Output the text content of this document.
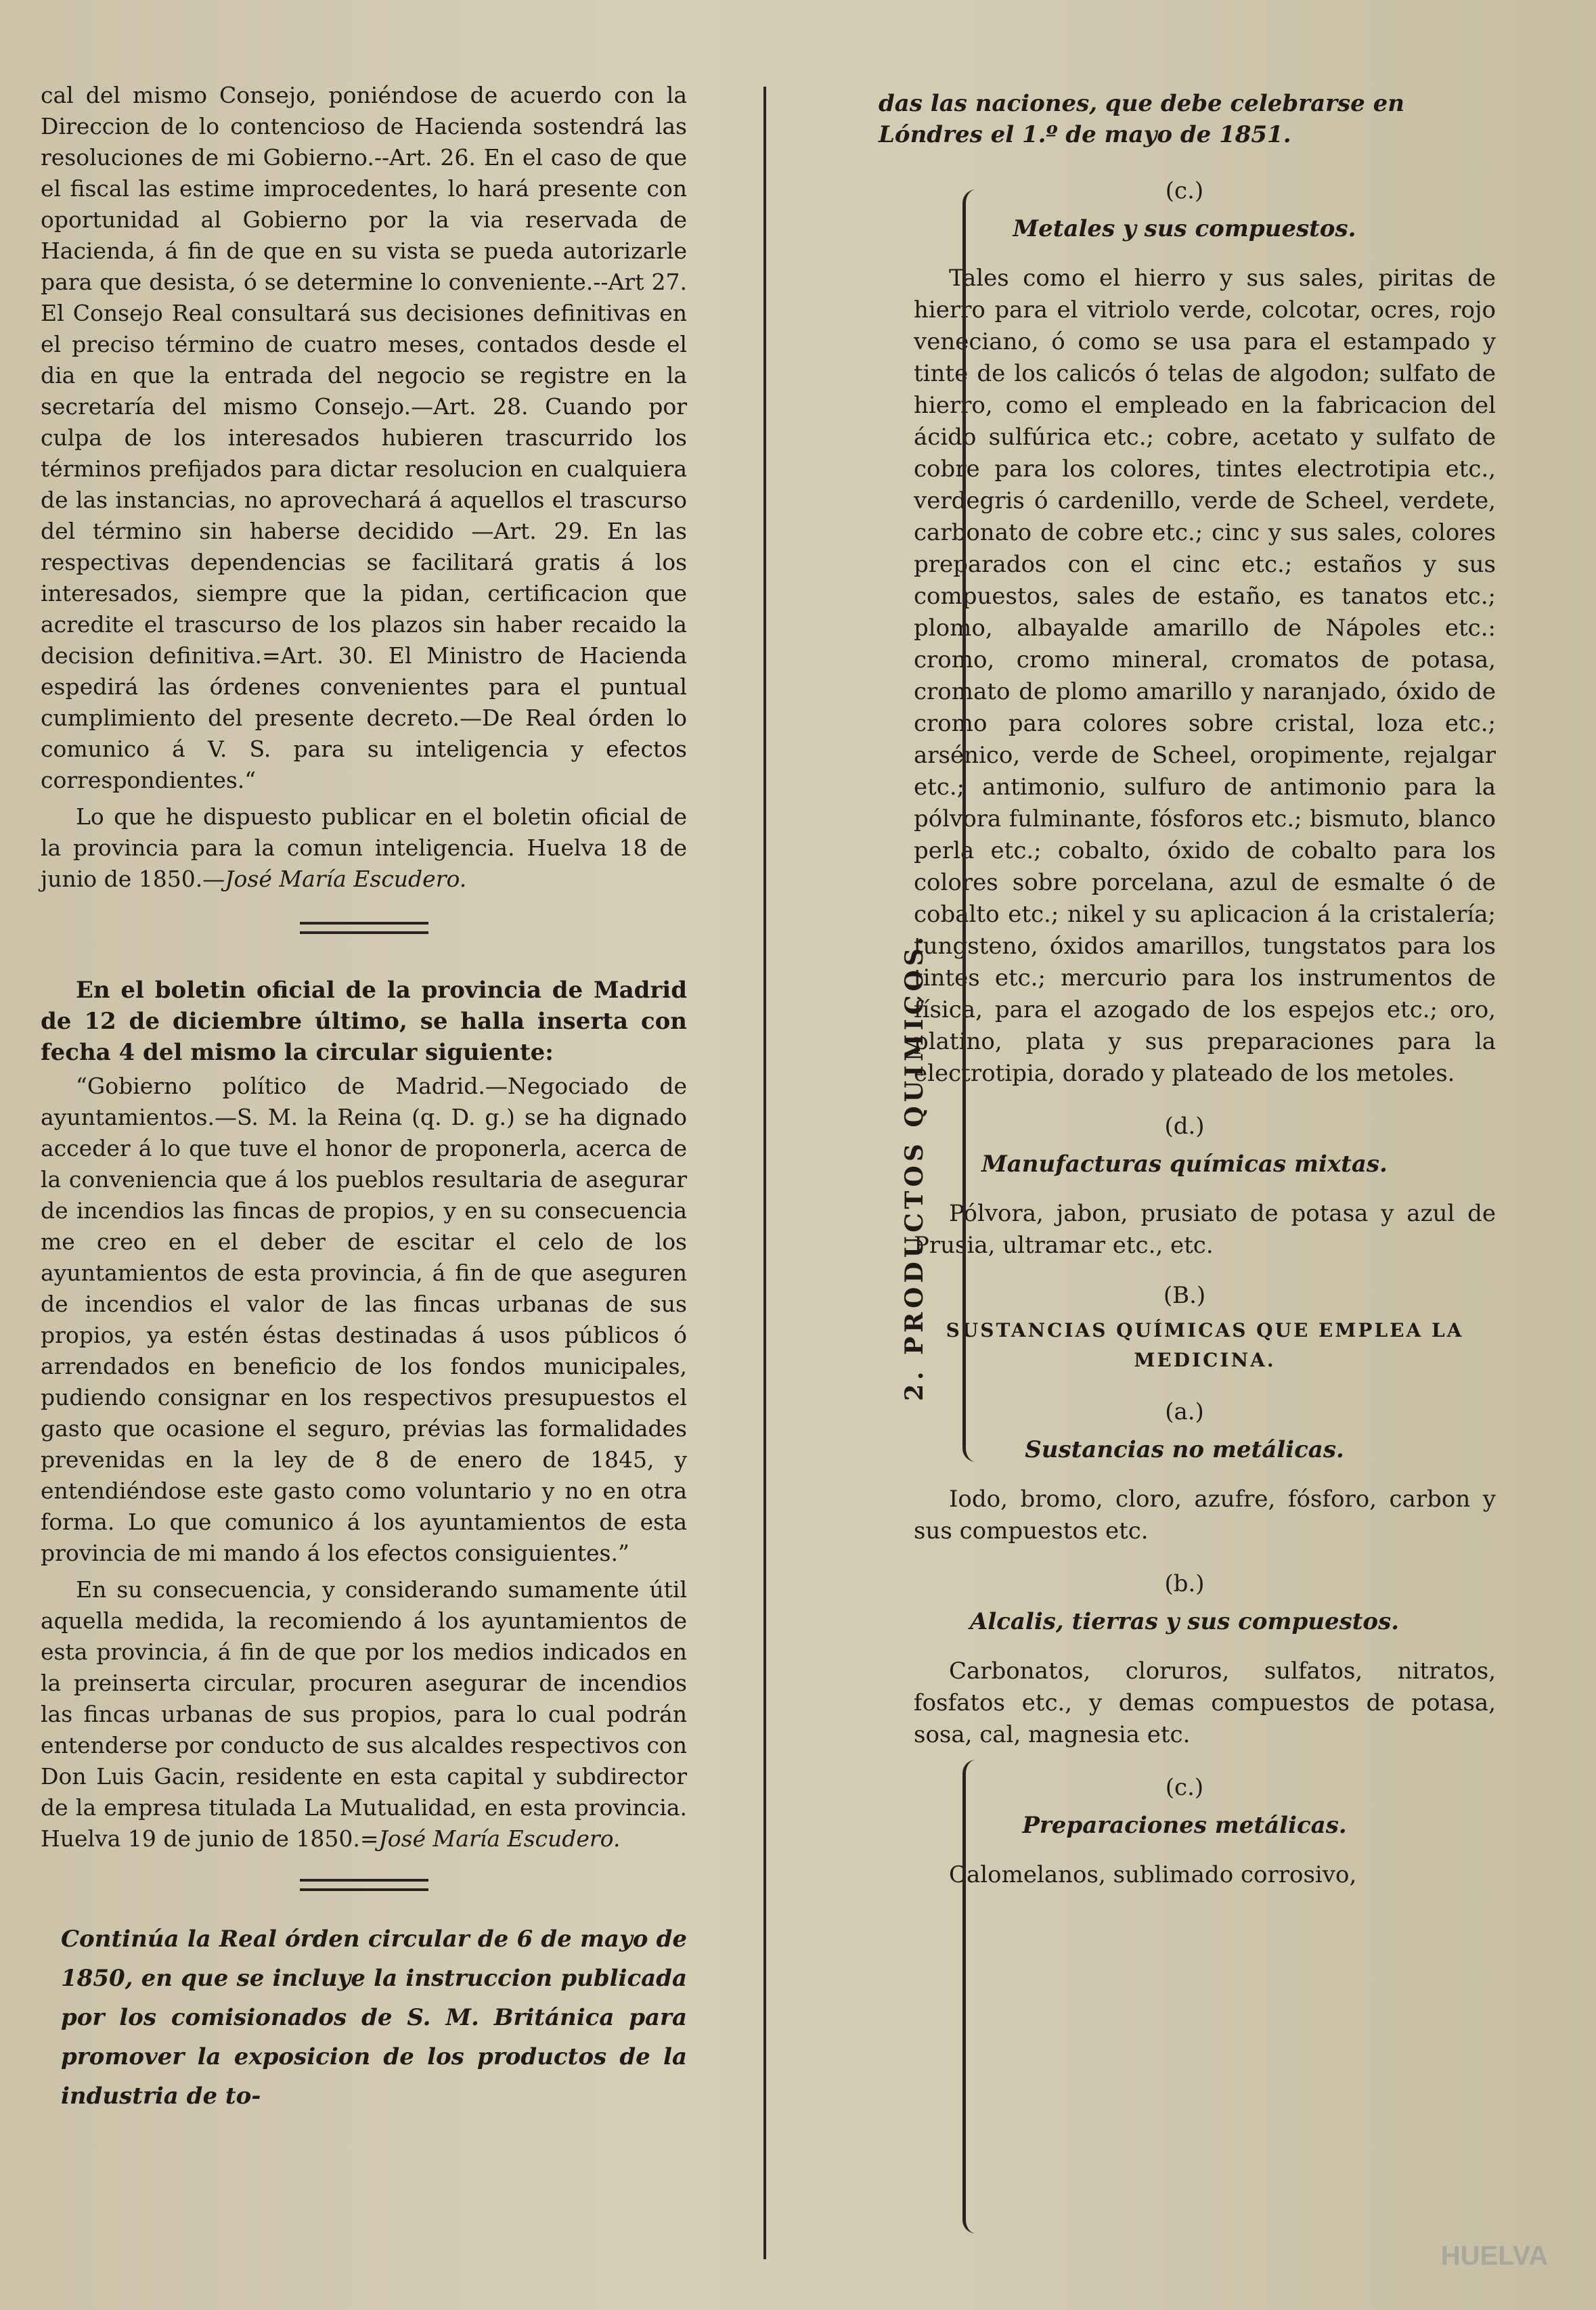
cal del mismo Consejo, poniéndose de acuerdo con la Direccion de lo contencioso de Hacienda sostendrá las resoluciones de mi Gobierno.--Art. 26. En el caso de que el fiscal las estime improcedentes, lo hará presente con oportunidad al Gobierno por la via reservada de Hacienda, á fin de que en su vista se pueda autorizarle para que desista, ó se determine lo conveniente.--Art 27. El Consejo Real consultará sus decisiones definitivas en el preciso término de cuatro meses, contados desde el dia en que la entrada del negocio se registre en la secretaría del mismo Consejo.—Art. 28. Cuando por culpa de los interesados hubieren trascurrido los términos prefijados para dictar resolucion en cualquiera de las instancias, no aprovechará á aquellos el trascurso del término sin haberse decidido —Art. 29. En las respectivas dependencias se facilitará gratis á los interesados, siempre que la pidan, certificacion que acredite el trascurso de los plazos sin haber recaido la decision definitiva.=Art. 30. El Ministro de Hacienda espedirá las órdenes convenientes para el puntual cumplimiento del presente decreto.—De Real órden lo comunico á V. S. para su inteligencia y efectos correspondientes.“

Lo que he dispuesto publicar en el boletin oficial de la provincia para la comun inteligencia. Huelva 18 de junio de 1850.—José María Escudero.

En el boletin oficial de la provincia de Madrid de 12 de diciembre último, se halla inserta con fecha 4 del mismo la circular siguiente:

“Gobierno político de Madrid.—Negociado de ayuntamientos.—S. M. la Reina (q. D. g.) se ha dignado acceder á lo que tuve el honor de proponerla, acerca de la conveniencia que á los pueblos resultaria de asegurar de incendios las fincas de propios, y en su consecuencia me creo en el deber de escitar el celo de los ayuntamientos de esta provincia, á fin de que aseguren de incendios el valor de las fincas urbanas de sus propios, ya estén éstas destinadas á usos públicos ó arrendados en beneficio de los fondos municipales, pudiendo consignar en los respectivos presupuestos el gasto que ocasione el seguro, prévias las formalidades prevenidas en la ley de 8 de enero de 1845, y entendiéndose este gasto como voluntario y no en otra forma. Lo que comunico á los ayuntamientos de esta provincia de mi mando á los efectos consiguientes.”

En su consecuencia, y considerando sumamente útil aquella medida, la recomiendo á los ayuntamientos de esta provincia, á fin de que por los medios indicados en la preinserta circular, procuren asegurar de incendios las fincas urbanas de sus propios, para lo cual podrán entenderse por conducto de sus alcaldes respectivos con Don Luis Gacin, residente en esta capital y subdirector de la empresa titulada La Mutualidad, en esta provincia. Huelva 19 de junio de 1850.=José María Escudero.

Continúa la Real órden circular de 6 de mayo de 1850, en que se incluye la instruccion publicada por los comisionados de S. M. Británica para promover la exposicion de los productos de la industria de to-

das las naciones, que debe celebrarse en Lóndres el 1.º de mayo de 1851.

(c.)

Metales y sus compuestos.

Tales como el hierro y sus sales, piritas de hierro para el vitriolo verde, colcotar, ocres, rojo veneciano, ó como se usa para el estampado y tinte de los calicós ó telas de algodon; sulfato de hierro, como el empleado en la fabricacion del ácido sulfúrica etc.; cobre, acetato y sulfato de cobre para los colores, tintes electrotipia etc., verdegris ó cardenillo, verde de Scheel, verdete, carbonato de cobre etc.; cinc y sus sales, colores preparados con el cinc etc.; estaños y sus compuestos, sales de estaño, es tanatos etc.; plomo, albayalde amarillo de Nápoles etc.: cromo, cromo mineral, cromatos de potasa, cromato de plomo amarillo y naranjado, óxido de cromo para colores sobre cristal, loza etc.; arsénico, verde de Scheel, oropimente, rejalgar etc.; antimonio, sulfuro de antimonio para la pólvora fulminante, fósforos etc.; bismuto, blanco perla etc.; cobalto, óxido de cobalto para los colores sobre porcelana, azul de esmalte ó de cobalto etc.; nikel y su aplicacion á la cristalería; tungsteno, óxidos amarillos, tungstatos para los tintes etc.; mercurio para los instrumentos de física, para el azogado de los espejos etc.; oro, platino, plata y sus preparaciones para la electrotipia, dorado y plateado de los metoles.

(d.)

Manufacturas químicas mixtas.

Pólvora, jabon, prusiato de potasa y azul de Prusia, ultramar etc., etc.

(B.)

SUSTANCIAS QUÍMICAS QUE EMPLEA LA MEDICINA.

(a.)

Sustancias no metálicas.

Iodo, bromo, cloro, azufre, fósforo, carbon y sus compuestos etc.

(b.)

Alcalis, tierras y sus compuestos.

Carbonatos, cloruros, sulfatos, nitratos, fosfatos etc., y demas compuestos de potasa, sosa, cal, magnesia etc.

(c.)

Preparaciones metálicas.

Calomelanos, sublimado corrosivo,

2. PRODUCTOS QUIMICOS.
HUELVA
